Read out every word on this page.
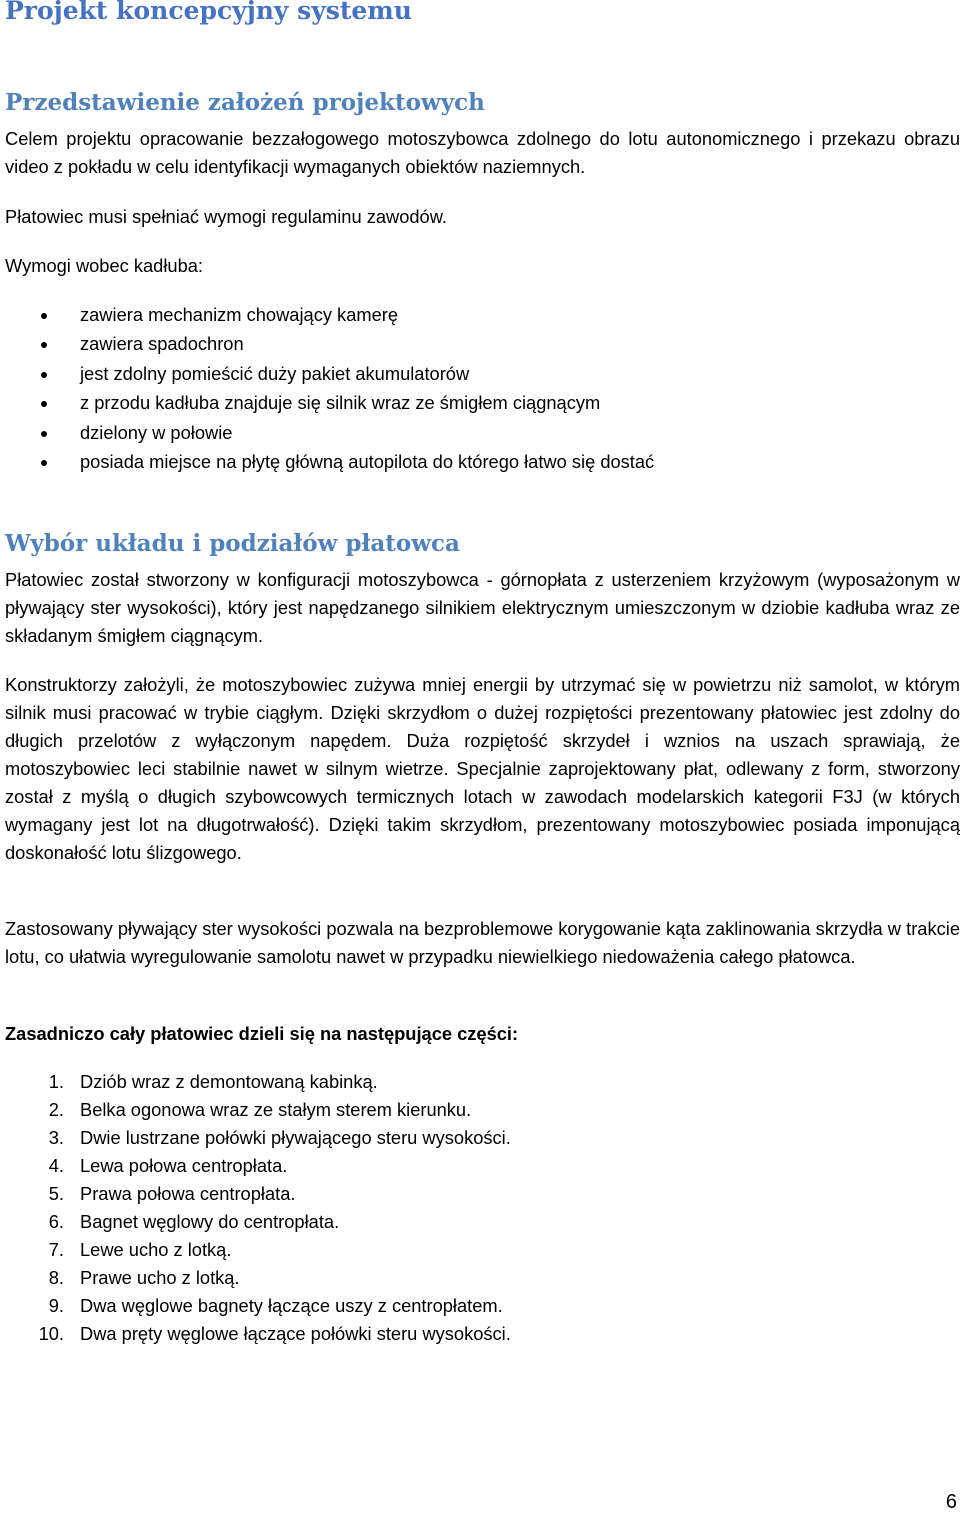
Projekt koncepcyjny systemu
Przedstawienie założeń projektowych

Celem projektu opracowanie bezzałogowego motoszybowca zdolnego do lotu autonomicznego i przekazu obrazu video z pokładu w celu identyfikacji wymaganych obiektów naziemnych.

Płatowiec musi spełniać wymogi regulaminu zawodów.

Wymogi wobec kadłuba:

zawiera mechanizm chowający kamerę
zawiera spadochron
jest zdolny pomieścić duży pakiet akumulatorów
z przodu kadłuba znajduje się silnik wraz ze śmigłem ciągnącym
dzielony w połowie
posiada miejsce na płytę główną autopilota do którego łatwo się dostać
Wybór układu i podziałów płatowca

Płatowiec został stworzony w konfiguracji motoszybowca - górnopłata z usterzeniem krzyżowym (wyposażonym w pływający ster wysokości), który jest napędzanego silnikiem elektrycznym umieszczonym w dziobie kadłuba wraz ze składanym śmigłem ciągnącym.

Konstruktorzy założyli, że motoszybowiec zużywa mniej energii by utrzymać się w powietrzu niż samolot, w którym silnik musi pracować w trybie ciągłym. Dzięki skrzydłom o dużej rozpiętości prezentowany płatowiec jest zdolny do długich przelotów z wyłączonym napędem. Duża rozpiętość skrzydeł i wznios na uszach sprawiają, że motoszybowiec leci stabilnie nawet w silnym wietrze. Specjalnie zaprojektowany płat, odlewany z form, stworzony został z myślą o długich szybowcowych termicznych lotach w zawodach modelarskich kategorii F3J (w których wymagany jest lot na długotrwałość). Dzięki takim skrzydłom, prezentowany motoszybowiec posiada imponującą doskonałość lotu ślizgowego.

Zastosowany pływający ster wysokości pozwala na bezproblemowe korygowanie kąta zaklinowania skrzydła w trakcie lotu, co ułatwia wyregulowanie samolotu nawet w przypadku niewielkiego niedoważenia całego płatowca.

Zasadniczo cały płatowiec dzieli się na następujące części:

1. Dziób wraz z demontowaną kabinką.
2. Belka ogonowa wraz ze stałym sterem kierunku.
3. Dwie lustrzane połówki pływającego steru wysokości.
4. Lewa połowa centropłata.
5. Prawa połowa centropłata.
6. Bagnet węglowy do centropłata.
7. Lewe ucho z lotką.
8. Prawe ucho z lotką.
9. Dwa węglowe bagnety łączące uszy z centropłatem.
10. Dwa pręty węglowe łączące połówki steru wysokości.
6
